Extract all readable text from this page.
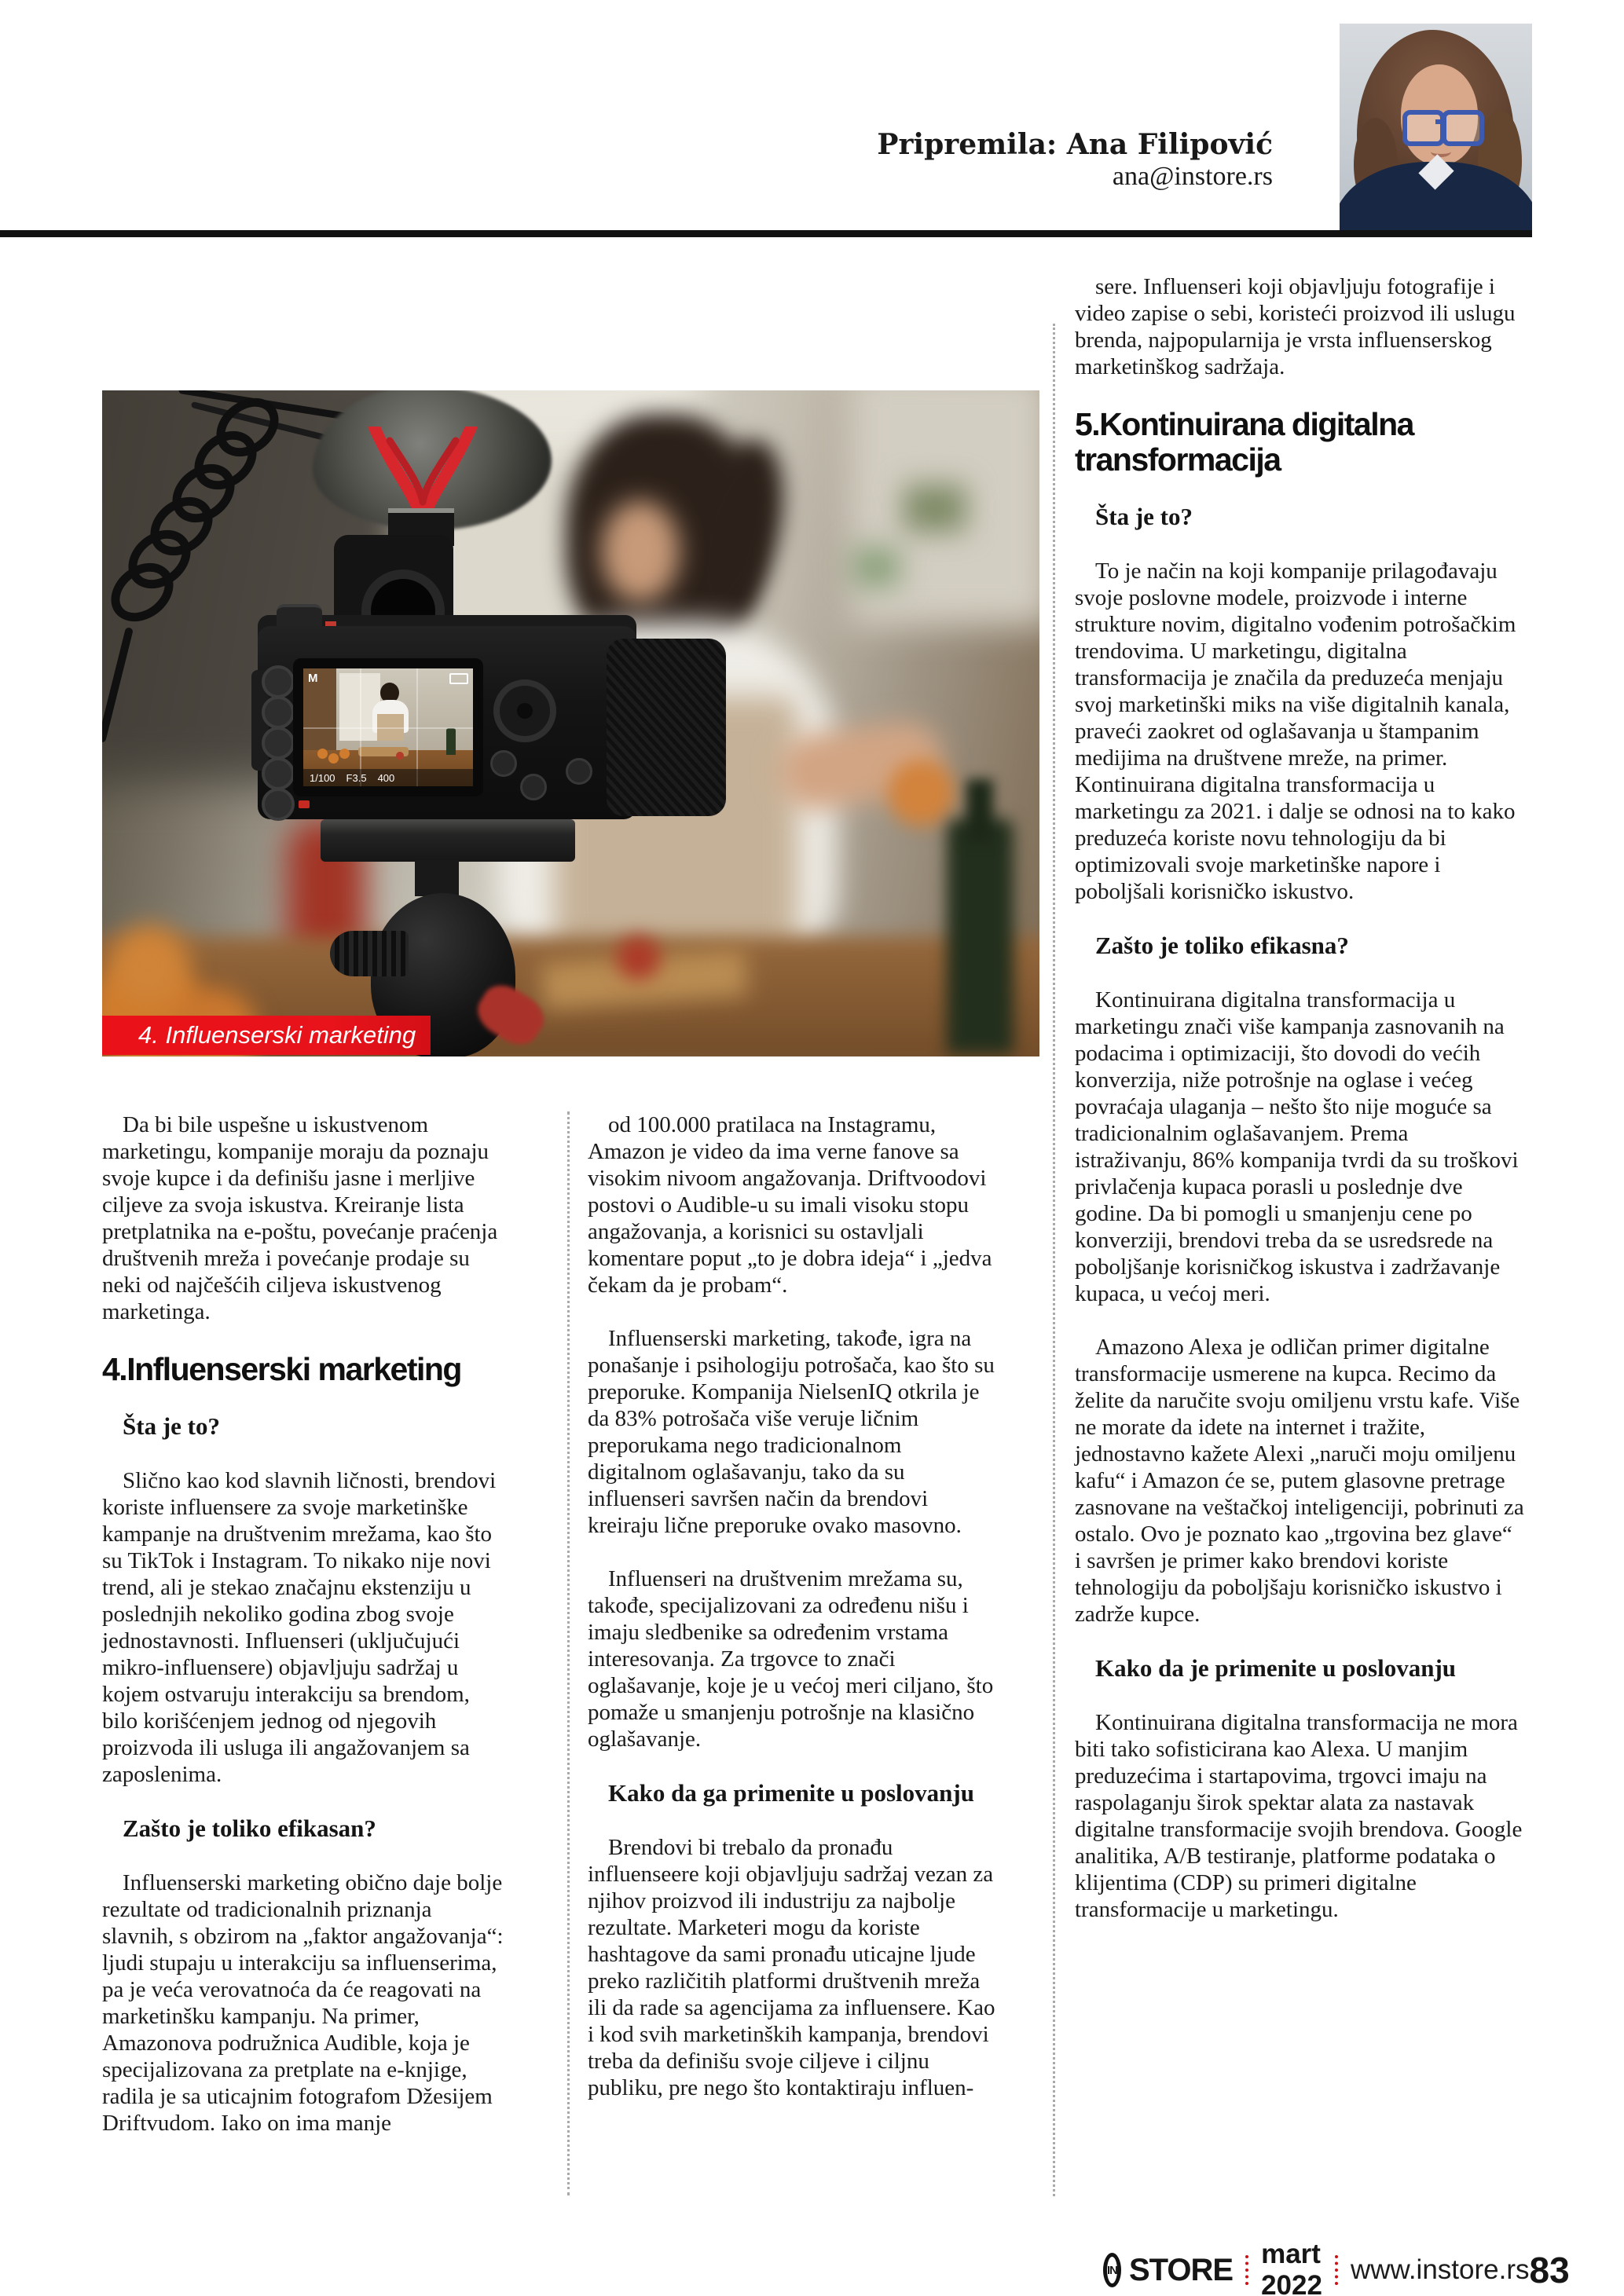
Pripremila: Ana Filipović
ana@instore.rs
M
1/100 F3.5 400
4. Influenserski marketing

Da bi bile uspešne u iskustvenom marketingu, kompanije moraju da poznaju svoje kupce i da definišu jasne i merljive ciljeve za svoja iskustva. Kreiranje lista pretplatnika na e-poštu, povećanje praćenja društvenih mreža i povećanje prodaje su neki od najčešćih ciljeva iskustvenog marketinga.

4.Influenserski marketing
Šta je to?

Slično kao kod slavnih ličnosti, brendovi koriste influensere za svoje marketinške kampanje na društvenim mrežama, kao što su TikTok i Instagram. To nikako nije novi trend, ali je stekao značajnu ekstenziju u poslednjih nekoliko godina zbog svoje jednostavnosti. Influenseri (uključujući mikro-influensere) objavljuju sadržaj u kojem ostvaruju interakciju sa brendom, bilo korišćenjem jednog od njegovih proizvoda ili usluga ili angažovanjem sa zaposlenima.

Zašto je toliko efikasan?

Influenserski marketing obično daje bolje rezultate od tradicionalnih priznanja slavnih, s obzirom na „faktor angažovanja“: ljudi stupaju u interakciju sa influenserima, pa je veća verovatnoća da će reagovati na marketinšku kampanju. Na primer, Amazonova podružnica Audible, koja je specijalizovana za pretplate na e-knjige, radila je sa uticajnim fotografom Džesijem Driftvudom. Iako on ima manje

od 100.000 pratilaca na Instagramu, Amazon je video da ima verne fanove sa visokim nivoom angažovanja. Driftvoodovi postovi o Audible-u su imali visoku stopu angažovanja, a korisnici su ostavljali komentare poput „to je dobra ideja“ i „jedva čekam da je probam“.

Influenserski marketing, takođe, igra na ponašanje i psihologiju potrošača, kao što su preporuke. Kompanija NielsenIQ otkrila je da 83% potrošača više veruje ličnim preporukama nego tradicionalnom digitalnom oglašavanju, tako da su influenseri savršen način da brendovi kreiraju lične preporuke ovako masovno.

Influenseri na društvenim mrežama su, takođe, specijalizovani za određenu nišu i imaju sledbenike sa određenim vrstama interesovanja. Za trgovce to znači oglašavanje, koje je u većoj meri ciljano, što pomaže u smanjenju potrošnje na klasično oglašavanje.

Kako da ga primenite u poslovanju

Brendovi bi trebalo da pronađu influenseere koji objavljuju sadržaj vezan za njihov proizvod ili industriju za najbolje rezultate. Marketeri mogu da koriste hashtagove da sami pronađu uticajne ljude preko različitih platformi društvenih mreža ili da rade sa agencijama za influensere. Kao i kod svih marketinških kampanja, brendovi treba da definišu svoje ciljeve i ciljnu publiku, pre nego što kontaktiraju influen-

sere. Influenseri koji objavljuju fotografije i video zapise o sebi, koristeći proizvod ili uslugu brenda, najpopularnija je vrsta influenserskog marketinškog sadržaja.

5.Kontinuirana digitalna transformacija
Šta je to?

To je način na koji kompanije prilagođavaju svoje poslovne modele, proizvode i interne strukture novim, digitalno vođenim potrošačkim trendovima. U marketingu, digitalna transformacija je značila da preduzeća menjaju svoj marketinški miks na više digitalnih kanala, praveći zaokret od oglašavanja u štampanim medijima na društvene mreže, na primer. Kontinuirana digitalna transformacija u marketingu za 2021. i dalje se odnosi na to kako preduzeća koriste novu tehnologiju da bi optimizovali svoje marketinške napore i poboljšali korisničko iskustvo.

Zašto je toliko efikasna?

Kontinuirana digitalna transformacija u marketingu znači više kampanja zasnovanih na podacima i optimizaciji, što dovodi do većih konverzija, niže potrošnje na oglase i većeg povraćaja ulaganja – nešto što nije moguće sa tradicionalnim oglašavanjem. Prema istraživanju, 86% kompanija tvrdi da su troškovi privlačenja kupaca porasli u poslednje dve godine. Da bi pomogli u smanjenju cene po konverziji, brendovi treba da se usredsrede na poboljšanje korisničkog iskustva i zadržavanje kupaca, u većoj meri.

Amazono Alexa je odličan primer digitalne transformacije usmerene na kupca. Recimo da želite da naručite svoju omiljenu vrstu kafe. Više ne morate da idete na internet i tražite, jednostavno kažete Alexi „naruči moju omiljenu kafu“ i Amazon će se, putem glasovne pretrage zasnovane na veštačkoj inteligenciji, pobrinuti za ostalo. Ovo je poznato kao „trgovina bez glave“ i savršen je primer kako brendovi koriste tehnologiju da poboljšaju korisničko iskustvo i zadrže kupce.

Kako da je primenite u poslovanju

Kontinuirana digitalna transformacija ne mora biti tako sofisticirana kao Alexa. U manjim preduzećima i startapovima, trgovci imaju na raspolaganju širok spektar alata za nastavak digitalne transformacije svojih brendova. Google analitika, A/B testiranje, platforme podataka o klijentima (CDP) su primeri digitalne transformacije u marketingu.

IN STORE mart 2022
www.instore.rs 83
